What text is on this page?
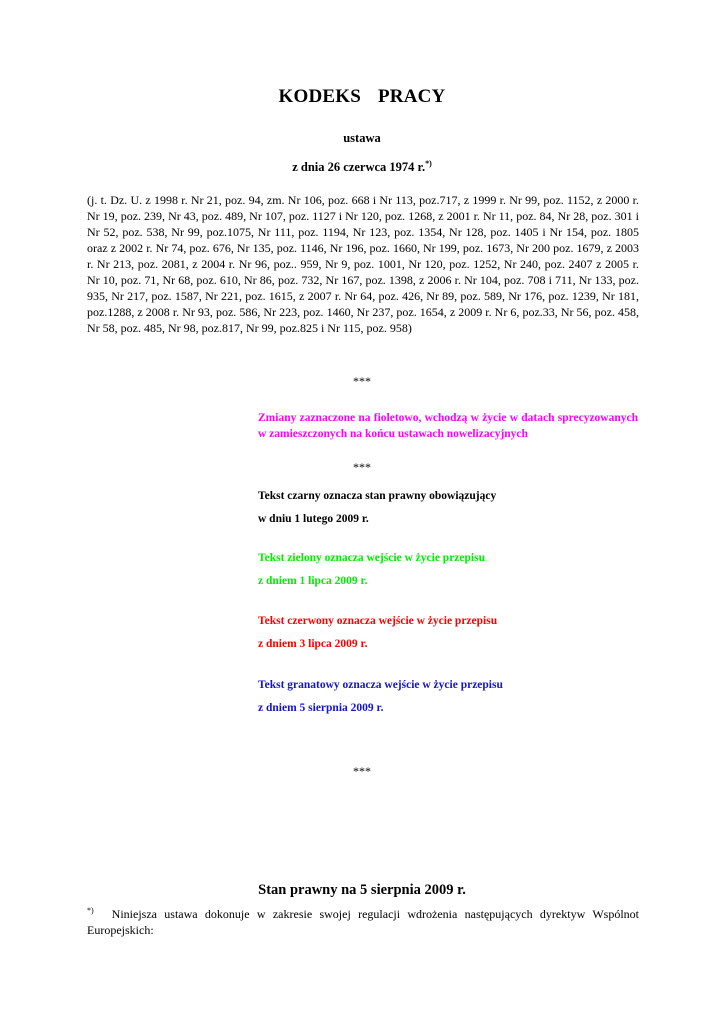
KODEKS PRACY
ustawa
z dnia 26 czerwca 1974 r.*)
(j. t. Dz. U. z 1998 r. Nr 21, poz. 94, zm. Nr 106, poz. 668 i Nr 113, poz.717, z 1999 r. Nr 99, poz. 1152, z 2000 r. Nr 19, poz. 239, Nr 43, poz. 489, Nr 107, poz. 1127 i Nr 120, poz. 1268, z 2001 r. Nr 11, poz. 84, Nr 28, poz. 301 i Nr 52, poz. 538, Nr 99, poz.1075, Nr 111, poz. 1194, Nr 123, poz. 1354, Nr 128, poz. 1405 i Nr 154, poz. 1805 oraz z 2002 r. Nr 74, poz. 676, Nr 135, poz. 1146, Nr 196, poz. 1660, Nr 199, poz. 1673, Nr 200 poz. 1679, z 2003 r. Nr 213, poz. 2081, z 2004 r. Nr 96, poz.. 959, Nr 9, poz. 1001, Nr 120, poz. 1252, Nr 240, poz. 2407 z 2005 r. Nr 10, poz. 71, Nr 68, poz. 610, Nr 86, poz. 732, Nr 167, poz. 1398, z 2006 r. Nr 104, poz. 708 i 711, Nr 133, poz. 935, Nr 217, poz. 1587, Nr 221, poz. 1615, z 2007 r. Nr 64, poz. 426, Nr 89, poz. 589, Nr 176, poz. 1239, Nr 181, poz.1288, z 2008 r. Nr 93, poz. 586, Nr 223, poz. 1460, Nr 237, poz. 1654, z 2009 r. Nr 6, poz.33, Nr 56, poz. 458, Nr 58, poz. 485, Nr 98, poz.817, Nr 99, poz.825 i Nr 115, poz. 958)
***
Zmiany zaznaczone na fioletowo, wchodzą w życie w datach sprecyzowanych w zamieszczonych na końcu ustawach nowelizacyjnych
***
Tekst czarny oznacza stan prawny obowiązujący
w dniu 1 lutego 2009 r.
Tekst zielony oznacza wejście w życie przepisu
z dniem 1 lipca 2009 r.
Tekst czerwony oznacza wejście w życie przepisu
z dniem 3 lipca 2009 r.
Tekst granatowy oznacza wejście w życie przepisu
z dniem 5 sierpnia 2009 r.
***
Stan prawny na 5 sierpnia 2009 r.
*) Niniejsza ustawa dokonuje w zakresie swojej regulacji wdrożenia następujących dyrektyw Wspólnot Europejskich:
